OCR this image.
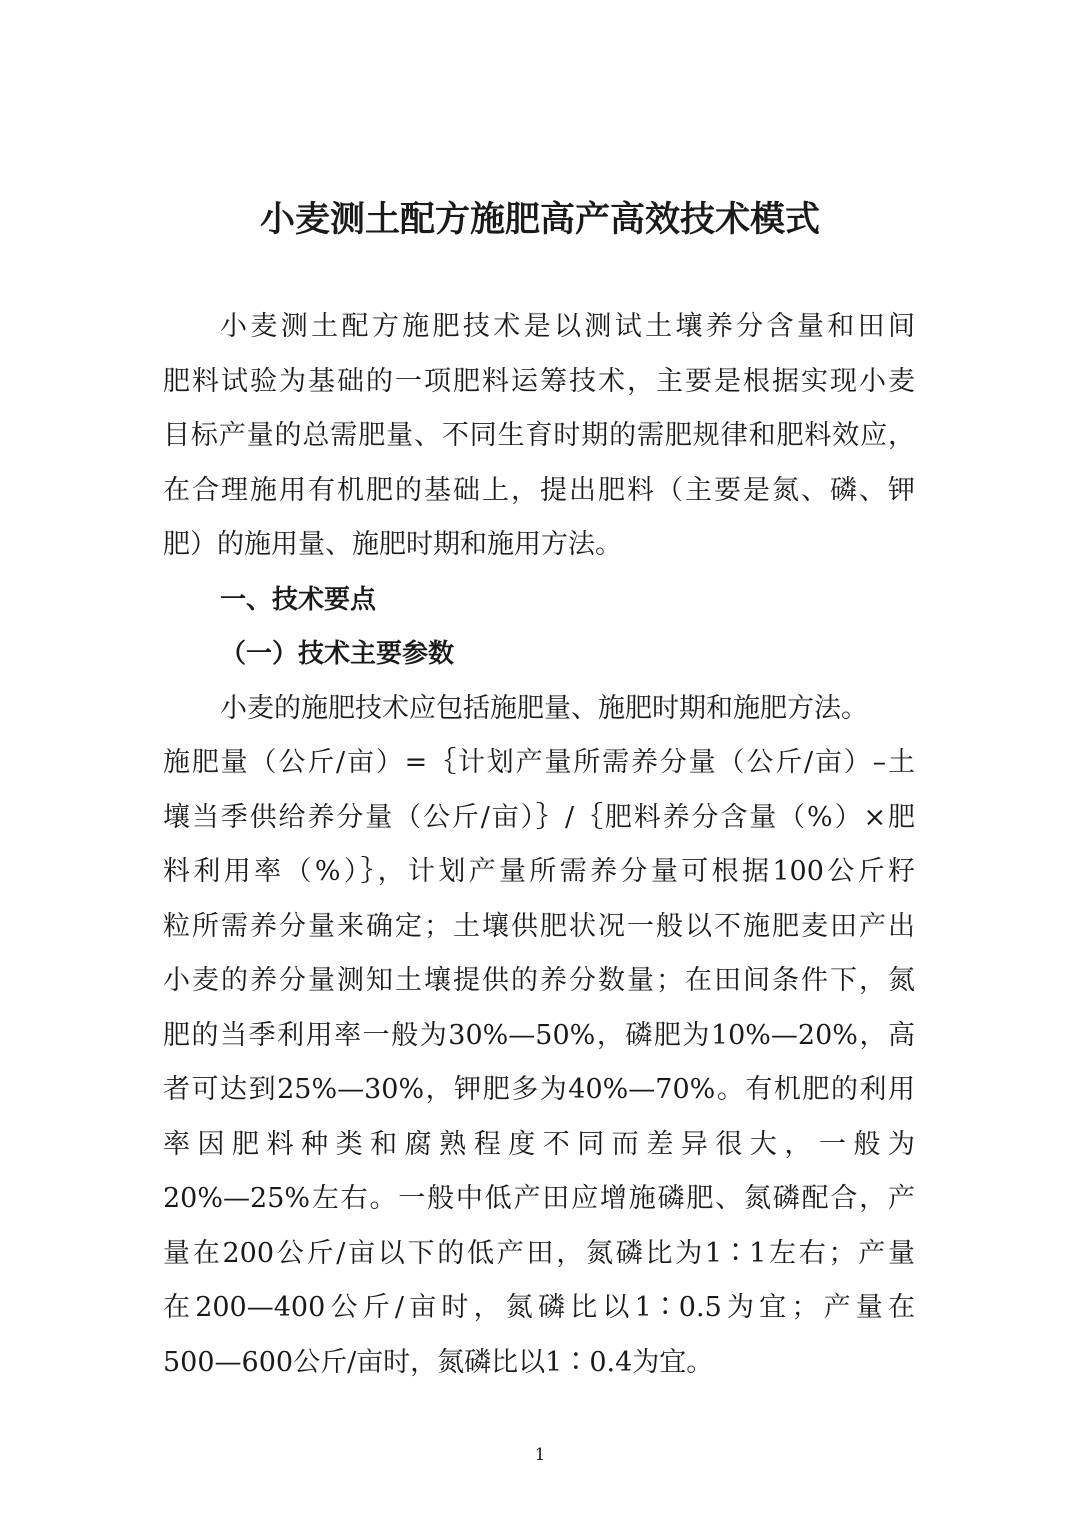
小麦测土配方施肥高产高效技术模式

小麦测土配方施肥技术是以测试土壤养分含量和田间

肥料试验为基础的一项肥料运筹技术，主要是根据实现小麦

目标产量的总需肥量、不同生育时期的需肥规律和肥料效应，

在合理施用有机肥的基础上，提出肥料（主要是氮、磷、钾

肥）的施用量、施肥时期和施用方法。

一、技术要点
（一）技术主要参数

小麦的施肥技术应包括施肥量、施肥时期和施肥方法。

施肥量（公斤/亩）=｛计划产量所需养分量（公斤/亩）–土

壤当季供给养分量（公斤/亩）｝/｛肥料养分含量（%）×肥

料利用率（%）｝，计划产量所需养分量可根据100公斤籽

粒所需养分量来确定；土壤供肥状况一般以不施肥麦田产出

小麦的养分量测知土壤提供的养分数量；在田间条件下，氮

肥的当季利用率一般为30%—50%，磷肥为10%—20%，高

者可达到25%—30%，钾肥多为40%—70%。有机肥的利用

率因肥料种类和腐熟程度不同而差异很大，一般为

20%—25%左右。一般中低产田应增施磷肥、氮磷配合，产

量在200公斤/亩以下的低产田，氮磷比为1∶1左右；产量

在200—400公斤/亩时，氮磷比以1∶0.5为宜；产量在

500—600公斤/亩时，氮磷比以1∶0.4为宜。

1
